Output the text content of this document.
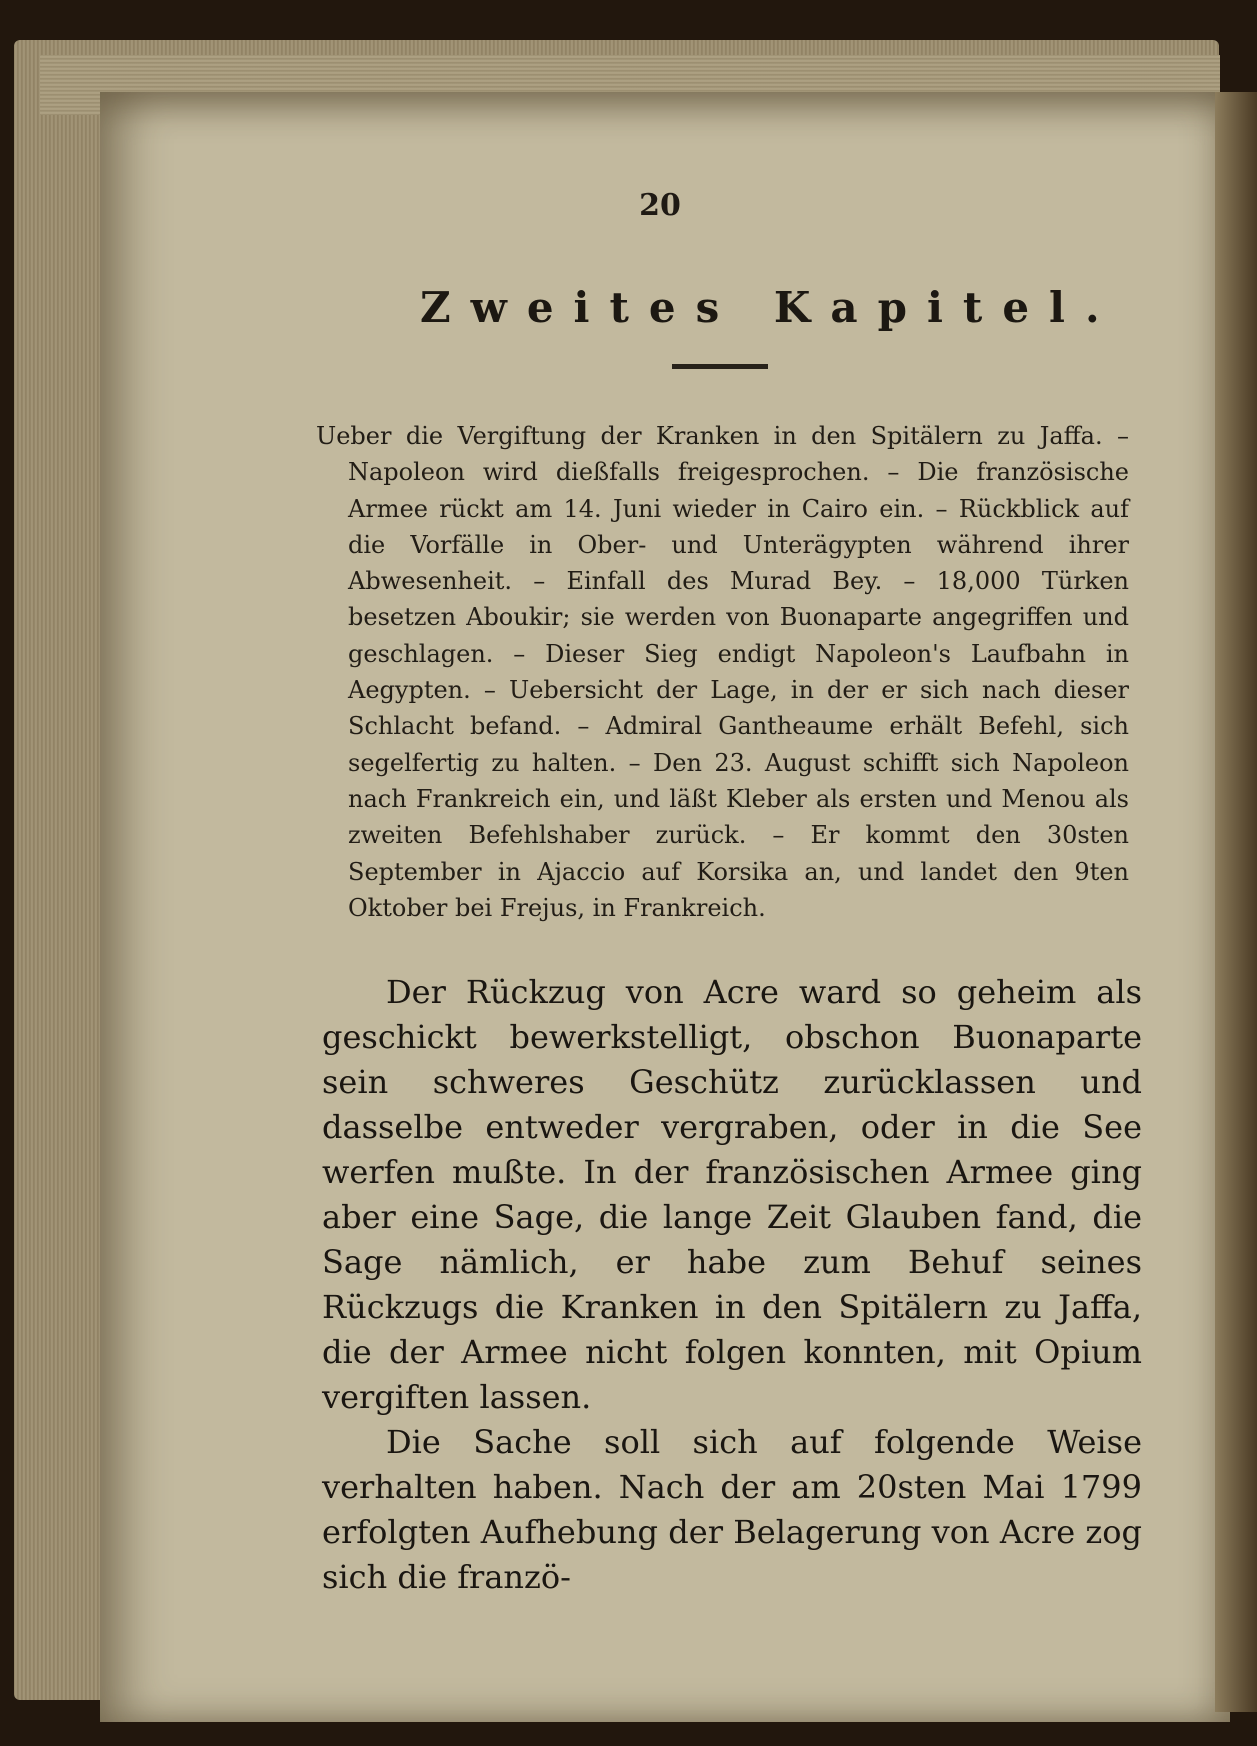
20
Zweites Kapitel.
Ueber die Vergiftung der Kranken in den Spitälern zu Jaffa. – Napoleon wird dießfalls freigesprochen. – Die französische Armee rückt am 14. Juni wieder in Cairo ein. – Rückblick auf die Vorfälle in Ober- und Unterägypten während ihrer Abwesenheit. – Einfall des Murad Bey. – 18,000 Türken besetzen Aboukir; sie werden von Buonaparte angegriffen und geschlagen. – Dieser Sieg endigt Napoleon's Laufbahn in Aegypten. – Uebersicht der Lage, in der er sich nach dieser Schlacht befand. – Admiral Gantheaume erhält Befehl, sich segelfertig zu halten. – Den 23. August schifft sich Napoleon nach Frankreich ein, und läßt Kleber als ersten und Menou als zweiten Befehlshaber zurück. – Er kommt den 30sten September in Ajaccio auf Korsika an, und landet den 9ten Oktober bei Frejus, in Frankreich.

Der Rückzug von Acre ward so geheim als geschickt bewerkstelligt, obschon Buonaparte sein schweres Geschütz zurücklassen und dasselbe entweder vergraben, oder in die See werfen mußte. In der französischen Armee ging aber eine Sage, die lange Zeit Glauben fand, die Sage nämlich, er habe zum Behuf seines Rückzugs die Kranken in den Spitälern zu Jaffa, die der Armee nicht folgen konnten, mit Opium vergiften lassen.

Die Sache soll sich auf folgende Weise verhalten haben. Nach der am 20sten Mai 1799 erfolgten Aufhebung der Belagerung von Acre zog sich die franzö-
